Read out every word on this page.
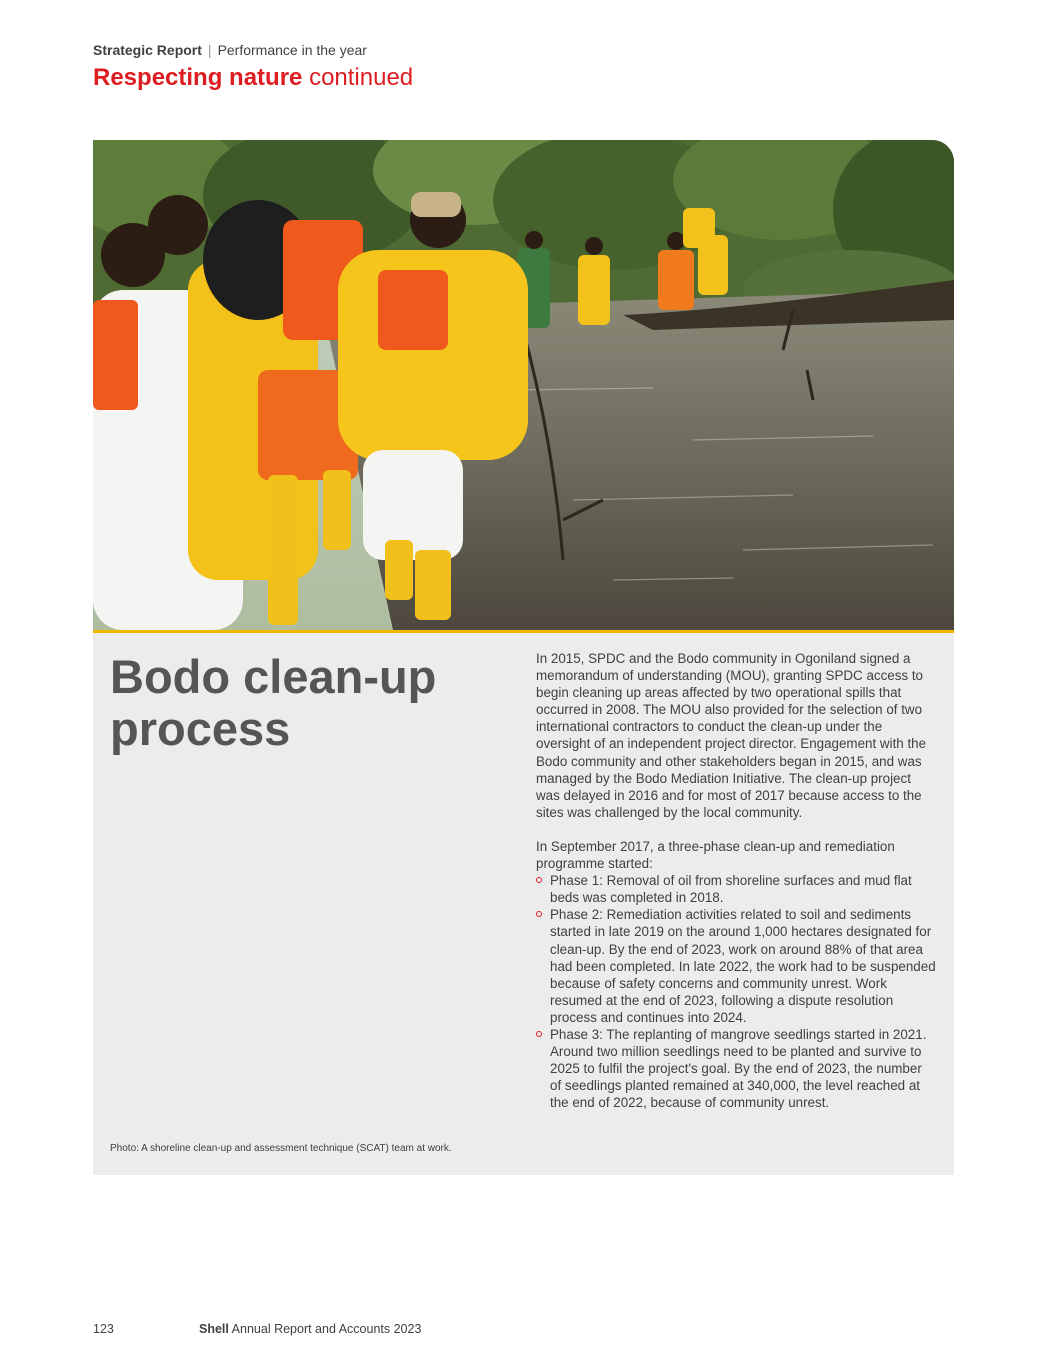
Strategic Report | Performance in the year
Respecting nature continued
Bodo clean-up process

In 2015, SPDC and the Bodo community in Ogoniland signed a memorandum of understanding (MOU), granting SPDC access to begin cleaning up areas affected by two operational spills that occurred in 2008. The MOU also provided for the selection of two international contractors to conduct the clean-up under the oversight of an independent project director. Engagement with the Bodo community and other stakeholders began in 2015, and was managed by the Bodo Mediation Initiative. The clean-up project was delayed in 2016 and for most of 2017 because access to the sites was challenged by the local community.

In September 2017, a three-phase clean-up and remediation programme started:

Phase 1: Removal of oil from shoreline surfaces and mud flat beds was completed in 2018.
Phase 2: Remediation activities related to soil and sediments started in late 2019 on the around 1,000 hectares designated for clean-up. By the end of 2023, work on around 88% of that area had been completed. In late 2022, the work had to be suspended because of safety concerns and community unrest. Work resumed at the end of 2023, following a dispute resolution process and continues into 2024.
Phase 3: The replanting of mangrove seedlings started in 2021. Around two million seedlings need to be planted and survive to 2025 to fulfil the project's goal. By the end of 2023, the number of seedlings planted remained at 340,000, the level reached at the end of 2022, because of community unrest.
Photo: A shoreline clean-up and assessment technique (SCAT) team at work.
123	Shell Annual Report and Accounts 2023
